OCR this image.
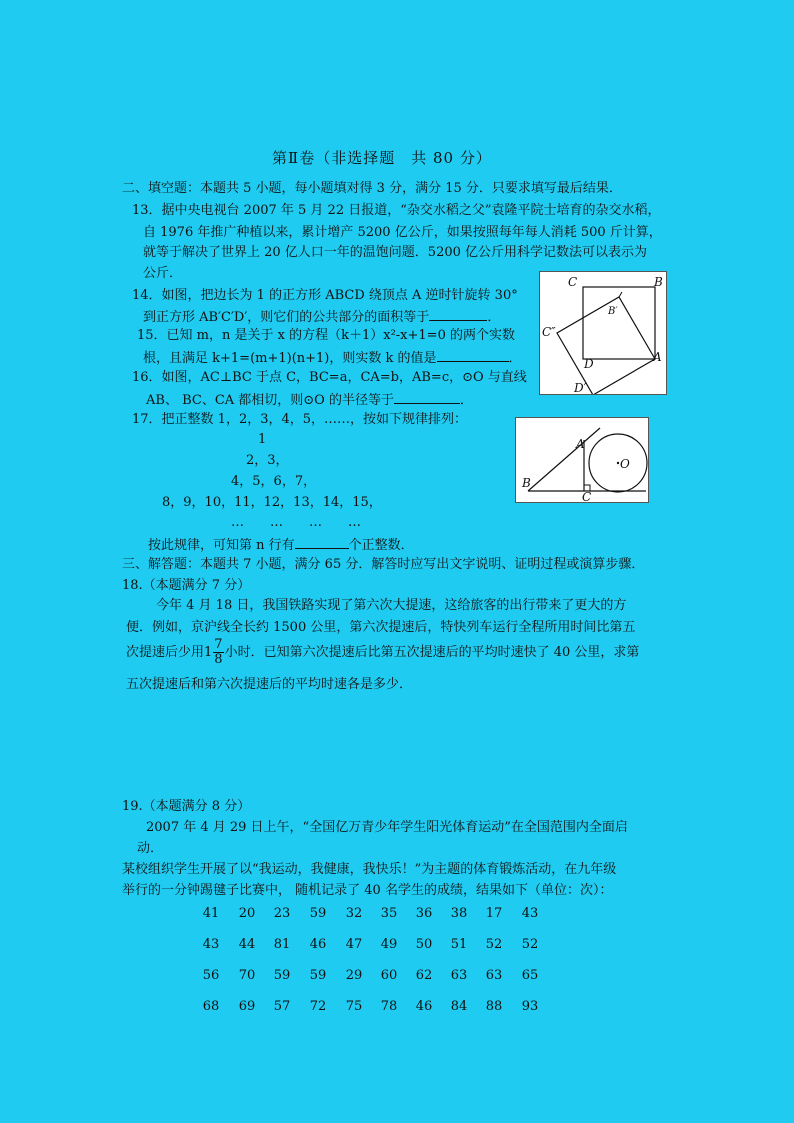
第Ⅱ卷（非选择题　共 80 分）
二、填空题：本题共 5 小题，每小题填对得 3 分，满分 15 分．只要求填写最后结果．
13．据中央电视台 2007 年 5 月 22 日报道，“杂交水稻之父”袁隆平院士培育的杂交水稻，
自 1976 年推广种植以来，累计增产 5200 亿公斤，如果按照每年每人消耗 500 斤计算，
就等于解决了世界上 20 亿人口一年的温饱问题．5200 亿公斤用科学记数法可以表示为
公斤．
14．如图，把边长为 1 的正方形 ABCD 绕顶点 A 逆时针旋转 30°
到正方形 AB′C′D′，则它们的公共部分的面积等于	．
15．已知 m，n 是关于 x 的方程（k＋1）x²-x+1=0 的两个实数
根，且满足 k+1=(m+1)(n+1)，则实数 k 的值是	．
16．如图，AC⊥BC 于点 C，BC=a，CA=b，AB=c，⊙O 与直线
AB、 BC、CA 都相切，则⊙O 的半径等于	．
17．把正整数 1，2，3，4，5，……，按如下规律排列：
1
2，3，
4，5，6，7，
8，9，10，11，12，13，14，15，
…　　…　　…　　…
按此规律，可知第 n 行有	个正整数．
C	B
B′
C″
D	A
D′
A
B
C
O
三、解答题：本题共 7 小题，满分 65 分．解答时应写出文字说明、证明过程或演算步骤．
18.（本题满分 7 分）
今年 4 月 18 日，我国铁路实现了第六次大提速，这给旅客的出行带来了更大的方
便．例如，京沪线全长约 1500 公里，第六次提速后，特快列车运行全程所用时间比第五
次提速后少用$1 \frac{7}{8}$ 小时．已知第六次提速后比第五次提速后的平均时速快了 40 公里，求第
五次提速后和第六次提速后的平均时速各是多少．
19.（本题满分 8 分）
2007 年 4 月 29 日上午，“全国亿万青少年学生阳光体育运动”在全国范围内全面启
动．
某校组织学生开展了以“我运动，我健康，我快乐！”为主题的体育锻炼活动，在九年级
举行的一分钟踢毽子比赛中， 随机记录了 40 名学生的成绩，结果如下（单位：次）：
41	20	23	59	32	35	36	38	17	43
43	44	81	46	47	49	50	51	52	52
56	70	59	59	29	60	62	63	63	65
68	69	57	72	75	78	46	84	88	93
